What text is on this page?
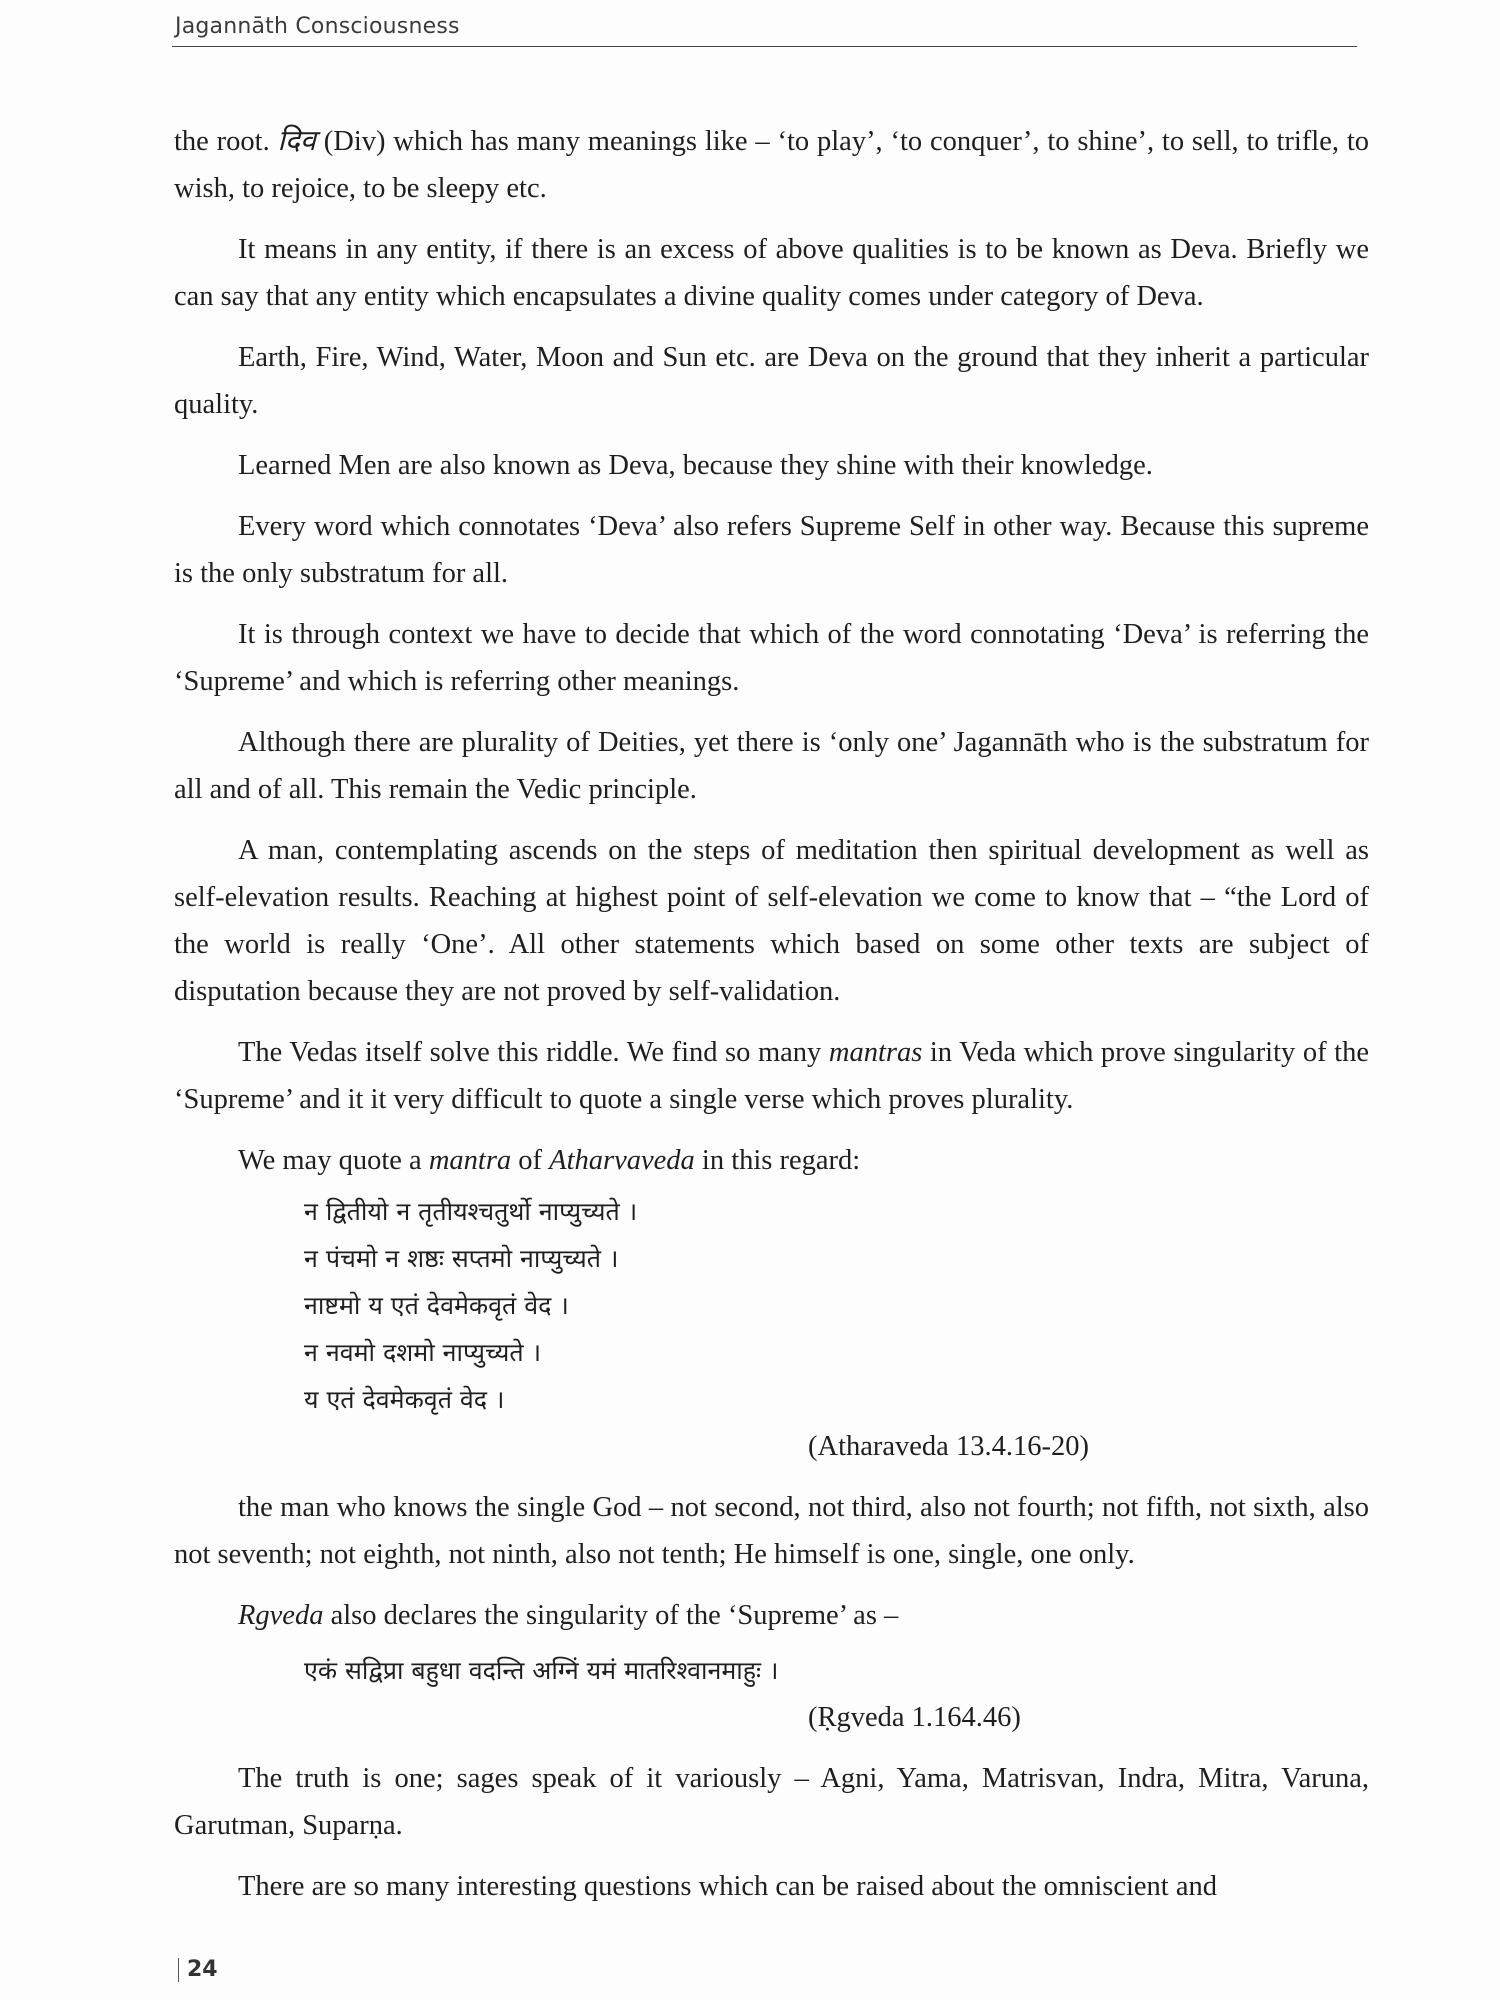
Jagannāth Consciousness

the root. दिव (Div) which has many meanings like – ‘to play’, ‘to conquer’, to shine’, to sell, to trifle, to wish, to rejoice, to be sleepy etc.

It means in any entity, if there is an excess of above qualities is to be known as Deva. Briefly we can say that any entity which encapsulates a divine quality comes under category of Deva.

Earth, Fire, Wind, Water, Moon and Sun etc. are Deva on the ground that they inherit a particular quality.

Learned Men are also known as Deva, because they shine with their knowledge.

Every word which connotates ‘Deva’ also refers Supreme Self in other way. Because this supreme is the only substratum for all.

It is through context we have to decide that which of the word connotating ‘Deva’ is referring the ‘Supreme’ and which is referring other meanings.

Although there are plurality of Deities, yet there is ‘only one’ Jagannāth who is the substratum for all and of all. This remain the Vedic principle.

A man, contemplating ascends on the steps of meditation then spiritual development as well as self-elevation results. Reaching at highest point of self-elevation we come to know that – “the Lord of the world is really ‘One’. All other statements which based on some other texts are subject of disputation because they are not proved by self-validation.

The Vedas itself solve this riddle. We find so many mantras in Veda which prove singularity of the ‘Supreme’ and it it very difficult to quote a single verse which proves plurality.

We may quote a mantra of Atharvaveda in this regard:

न द्वितीयो न तृतीयश्चतुर्थो नाप्युच्यते ।
न पंचमो न शष्ठः सप्तमो नाप्युच्यते ।
नाष्टमो य एतं देवमेकवृतं वेद ।
न नवमो दशमो नाप्युच्यते ।
य एतं देवमेकवृतं वेद ।
(Atharaveda 13.4.16-20)

the man who knows the single God – not second, not third, also not fourth; not fifth, not sixth, also not seventh; not eighth, not ninth, also not tenth; He himself is one, single, one only.

Rgveda also declares the singularity of the ‘Supreme’ as –

एकं सद्विप्रा बहुधा वदन्ति अग्निं यमं मातरिश्वानमाहुः ।
(Ṛgveda 1.164.46)

The truth is one; sages speak of it variously – Agni, Yama, Matrisvan, Indra, Mitra, Varuna, Garutman, Suparṇa.

There are so many interesting questions which can be raised about the omniscient and

24
